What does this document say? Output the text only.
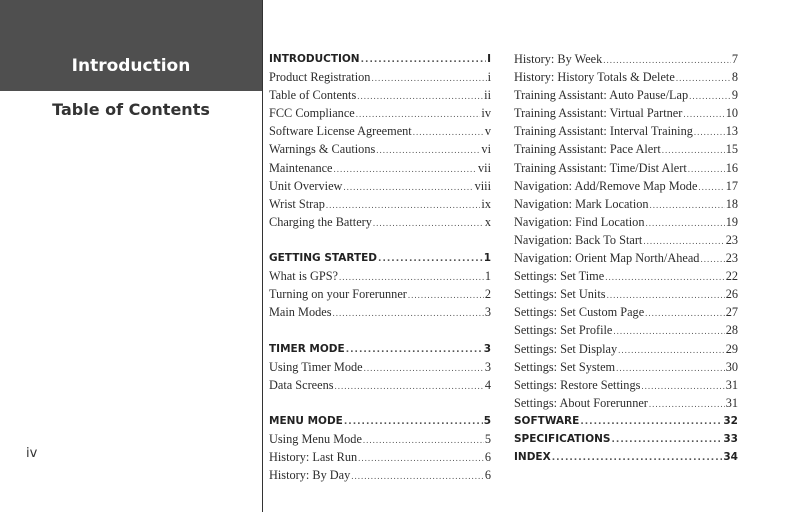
Introduction
Table of Contents
iv
INTRODUCTION .....	I
Product Registration .....	i
Table of Contents .....	ii
FCC Compliance .....	iv
Software License Agreement .....	v
Warnings & Cautions .....	vi
Maintenance .....	vii
Unit Overview .....	viii
Wrist Strap .....	ix
Charging the Battery .....	x
GETTING STARTED .....	1
What is GPS? .....	1
Turning on your Forerunner .....	2
Main Modes .....	3
TIMER MODE .....	3
Using Timer Mode .....	3
Data Screens .....	4
MENU MODE .....	5
Using Menu Mode .....	5
History: Last Run .....	6
History: By Day .....	6
History: By Week .....	7
History: History Totals & Delete .....	8
Training Assistant: Auto Pause/Lap .....	9
Training Assistant: Virtual Partner .....	10
Training Assistant: Interval Training .....	13
Training Assistant: Pace Alert .....	15
Training Assistant: Time/Dist Alert .....	16
Navigation: Add/Remove Map Mode ..... 17
Navigation: Mark Location .....	18
Navigation: Find Location .....	19
Navigation: Back To Start .....	23
Navigation: Orient Map North/Ahead ..... 23
Settings: Set Time .....	22
Settings: Set Units .....	26
Settings: Set Custom Page .....	27
Settings: Set Profile .....	28
Settings: Set Display .....	29
Settings: Set System .....	30
Settings: Restore Settings .....	31
Settings: About Forerunner .....	31
SOFTWARE .....	32
SPECIFICATIONS .....	33
INDEX .....	34
